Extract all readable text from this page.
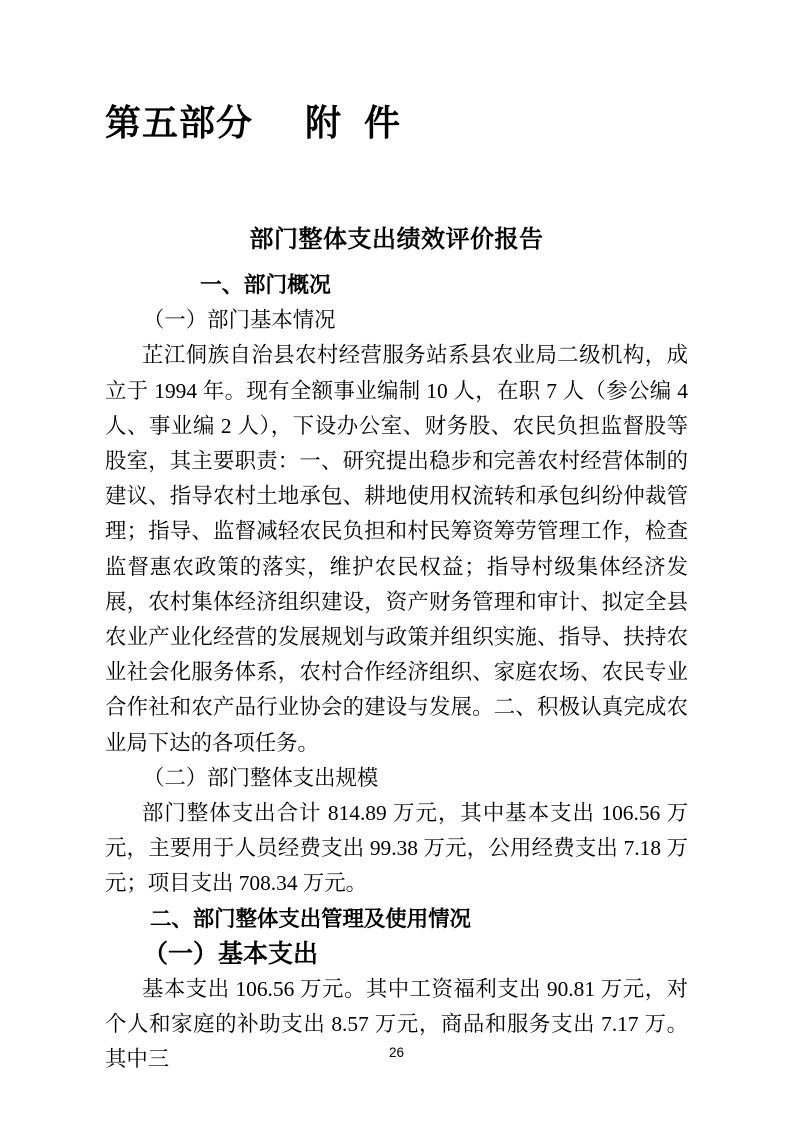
第五部分 附 件
部门整体支出绩效评价报告
一、部门概况
（一）部门基本情况

芷江侗族自治县农村经营服务站系县农业局二级机构，成立于 1994 年。现有全额事业编制 10 人，在职 7 人（参公编 4 人、事业编 2 人），下设办公室、财务股、农民负担监督股等股室，其主要职责：一、研究提出稳步和完善农村经营体制的建议、指导农村土地承包、耕地使用权流转和承包纠纷仲裁管理；指导、监督减轻农民负担和村民筹资筹劳管理工作，检查监督惠农政策的落实，维护农民权益；指导村级集体经济发展，农村集体经济组织建设，资产财务管理和审计、拟定全县农业产业化经营的发展规划与政策并组织实施、指导、扶持农业社会化服务体系，农村合作经济组织、家庭农场、农民专业合作社和农产品行业协会的建设与发展。二、积极认真完成农业局下达的各项任务。

（二）部门整体支出规模

部门整体支出合计 814.89 万元，其中基本支出 106.56 万元，主要用于人员经费支出 99.38 万元，公用经费支出 7.18 万元；项目支出 708.34 万元。

二、部门整体支出管理及使用情况
（一）基本支出

基本支出 106.56 万元。其中工资福利支出 90.81 万元，对个人和家庭的补助支出 8.57 万元，商品和服务支出 7.17 万。其中三	26
